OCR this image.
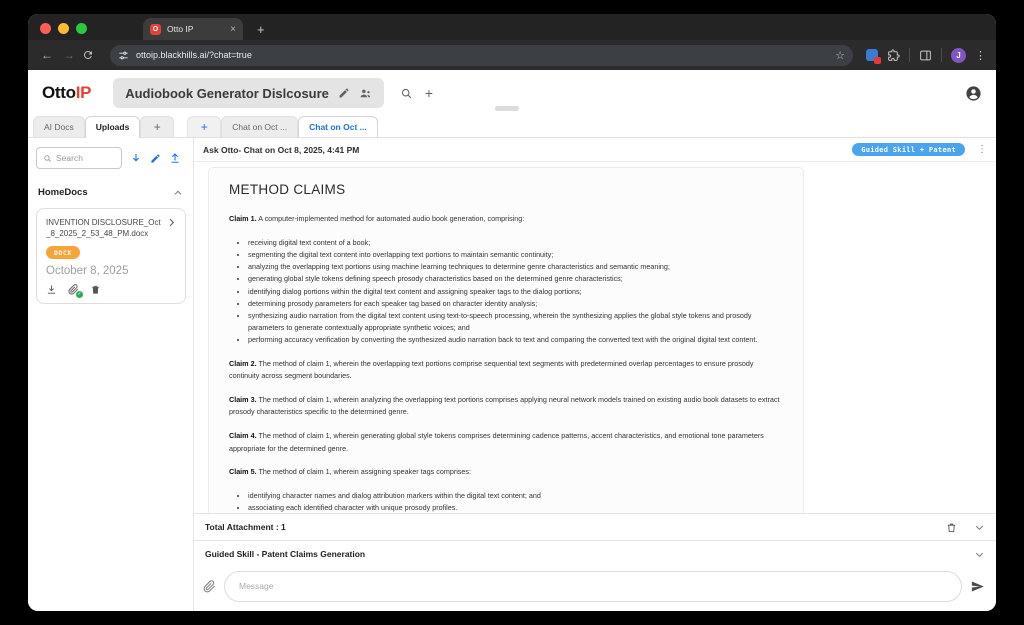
O	Otto IP	× +
← →	ottoip.blackhills.ai/?chat=true	☆	J	⋮
OttoIP	Audiobook Generator Dislcosure	+
AI Docs	Uploads	+	+	Chat on Oct ...	Chat on Oct ...
Search
HomeDocs
INVENTION DISCLOSURE_Oct_8_2025_2_53_48_PM.docx
DOCX
October 8, 2025
✓
Ask Otto- Chat on Oct 8, 2025, 4:41 PM	Guided Skill + Patent	⋮
METHOD CLAIMS

Claim 1. A computer-implemented method for automated audio book generation, comprising:

• receiving digital text content of a book;
• segmenting the digital text content into overlapping text portions to maintain semantic continuity;
• analyzing the overlapping text portions using machine learning techniques to determine genre characteristics and semantic meaning;
• generating global style tokens defining speech prosody characteristics based on the determined genre characteristics;
• identifying dialog portions within the digital text content and assigning speaker tags to the dialog portions;
• determining prosody parameters for each speaker tag based on character identity analysis;
• synthesizing audio narration from the digital text content using text-to-speech processing, wherein the synthesizing applies the global style tokens and prosody parameters to generate contextually appropriate synthetic voices; and
• performing accuracy verification by converting the synthesized audio narration back to text and comparing the converted text with the original digital text content.

Claim 2. The method of claim 1, wherein the overlapping text portions comprise sequential text segments with predetermined overlap percentages to ensure prosody continuity across segment boundaries.

Claim 3. The method of claim 1, wherein analyzing the overlapping text portions comprises applying neural network models trained on existing audio book datasets to extract prosody characteristics specific to the determined genre.

Claim 4. The method of claim 1, wherein generating global style tokens comprises determining cadence patterns, accent characteristics, and emotional tone parameters appropriate for the determined genre.

Claim 5. The method of claim 1, wherein assigning speaker tags comprises:

• identifying character names and dialog attribution markers within the digital text content; and
• associating each identified character with unique prosody profiles.
Total Attachment : 1
Guided Skill - Patent Claims Generation
Message
